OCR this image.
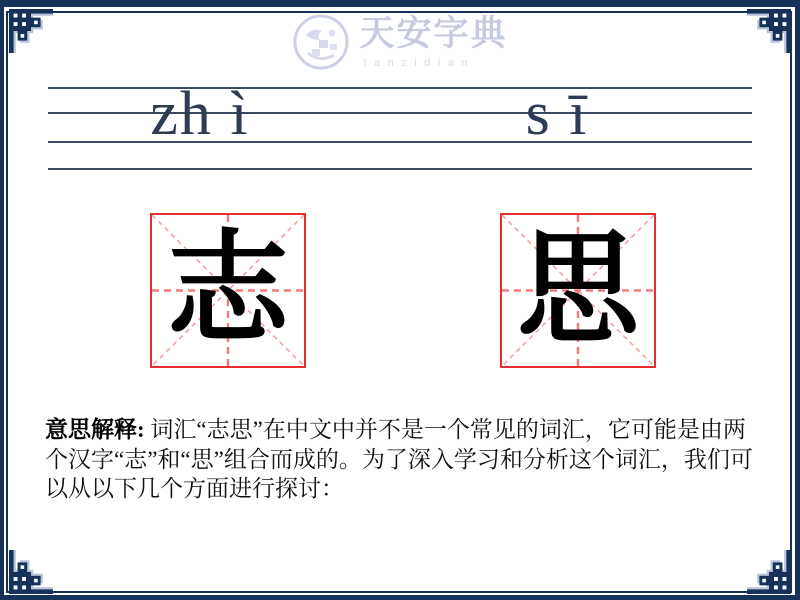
天安字典
tanzidian
zh ì	s ī
志 思

意思解释: 词汇“志思”在中文中并不是一个常见的词汇，它可能是由两个汉字“志”和“思”组合而成的。为了深入学习和分析这个词汇，我们可以从以下几个方面进行探讨：
